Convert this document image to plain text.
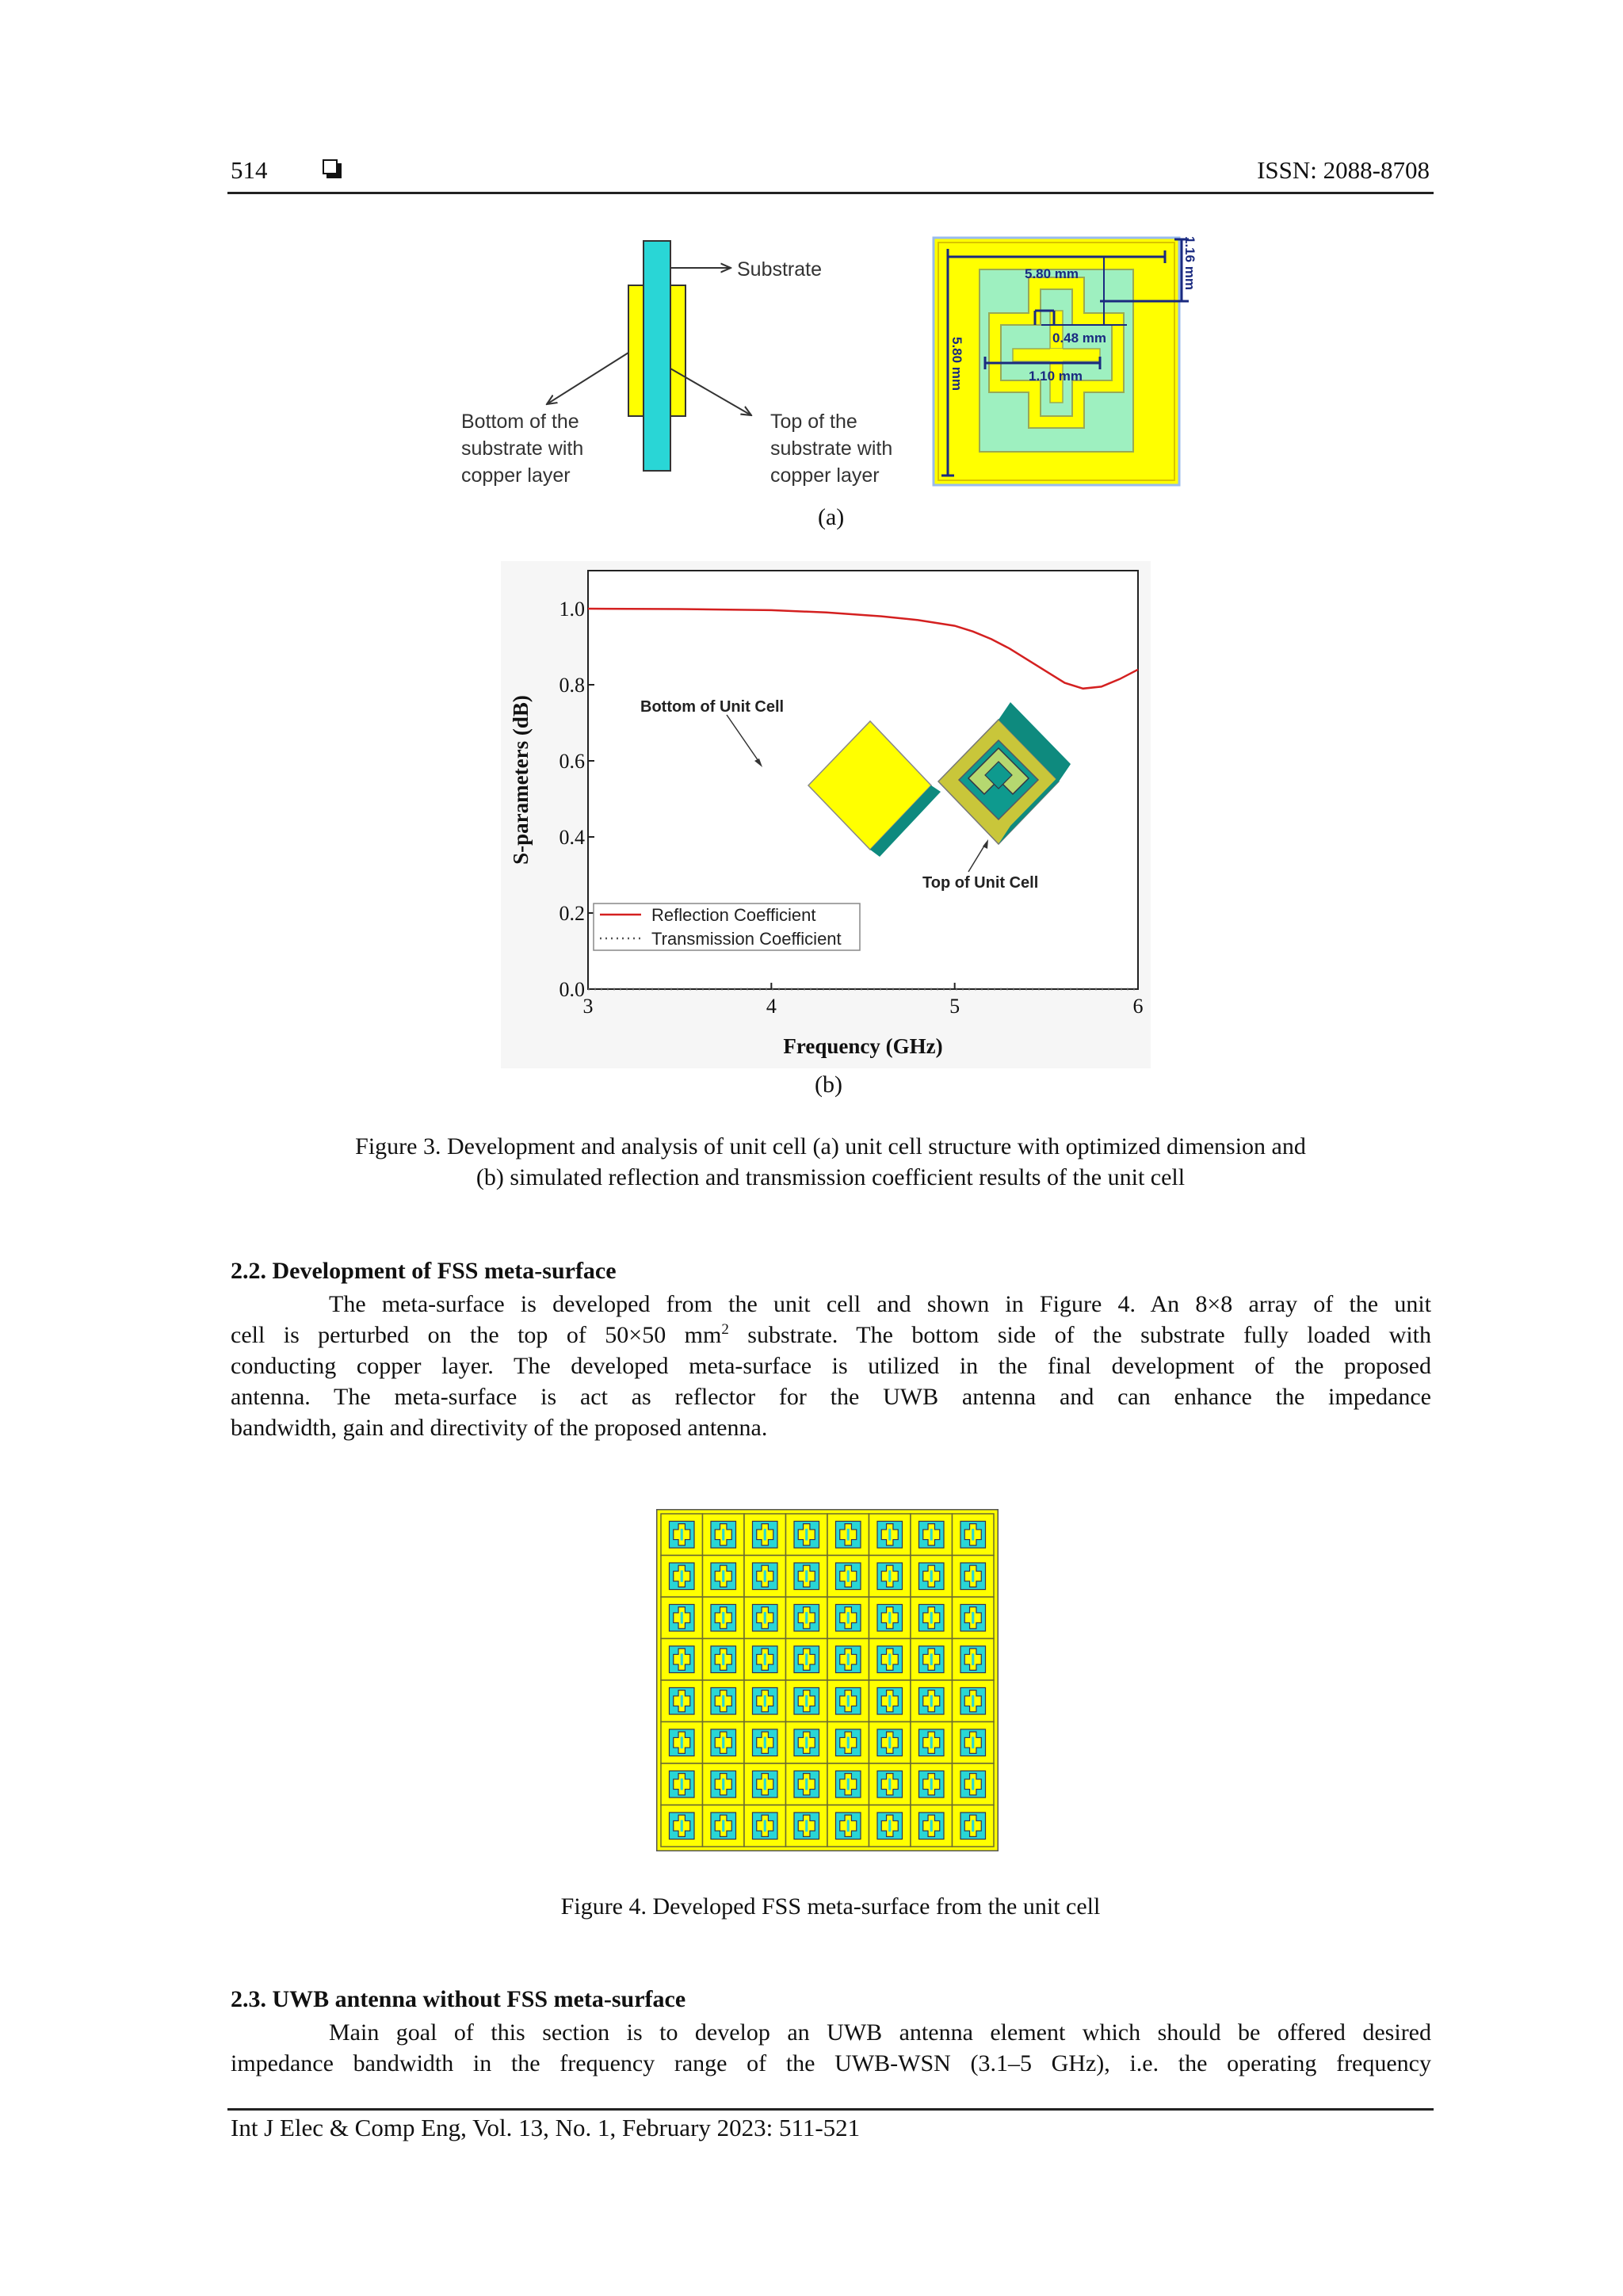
514	ISSN: 2088-8708
Substrate
Bottom of the substrate with copper layer
Top of the substrate with copper layer
5.80 mm
5.80 mm
1.16 mm
0.48 mm
1.10 mm
(a)
0.0
0.2
0.4
0.6
0.8
1.0
3	4	5	6
Bottom of Unit Cell
Top of Unit Cell
Reflection Coefficient
Transmission Coefficient
S-parameters (dB)
Frequency (GHz)
(b)
Figure 3. Development and analysis of unit cell (a) unit cell structure with optimized dimension and
(b) simulated reflection and transmission coefficient results of the unit cell
2.2. Development of FSS meta-surface
The meta-surface is developed from the unit cell and shown in Figure 4. An 8×8 array of the unit
cell is perturbed on the top of 50×50 $mm^2$ substrate. The bottom side of the substrate fully loaded with
conducting copper layer. The developed meta-surface is utilized in the final development of the proposed
antenna. The meta-surface is act as reflector for the UWB antenna and can enhance the impedance
bandwidth, gain and directivity of the proposed antenna.
Figure 4. Developed FSS meta-surface from the unit cell
2.3. UWB antenna without FSS meta-surface
Main goal of this section is to develop an UWB antenna element which should be offered desired
impedance bandwidth in the frequency range of the UWB-WSN (3.1–5 GHz), i.e. the operating frequency
Int J Elec & Comp Eng, Vol. 13, No. 1, February 2023: 511-521
